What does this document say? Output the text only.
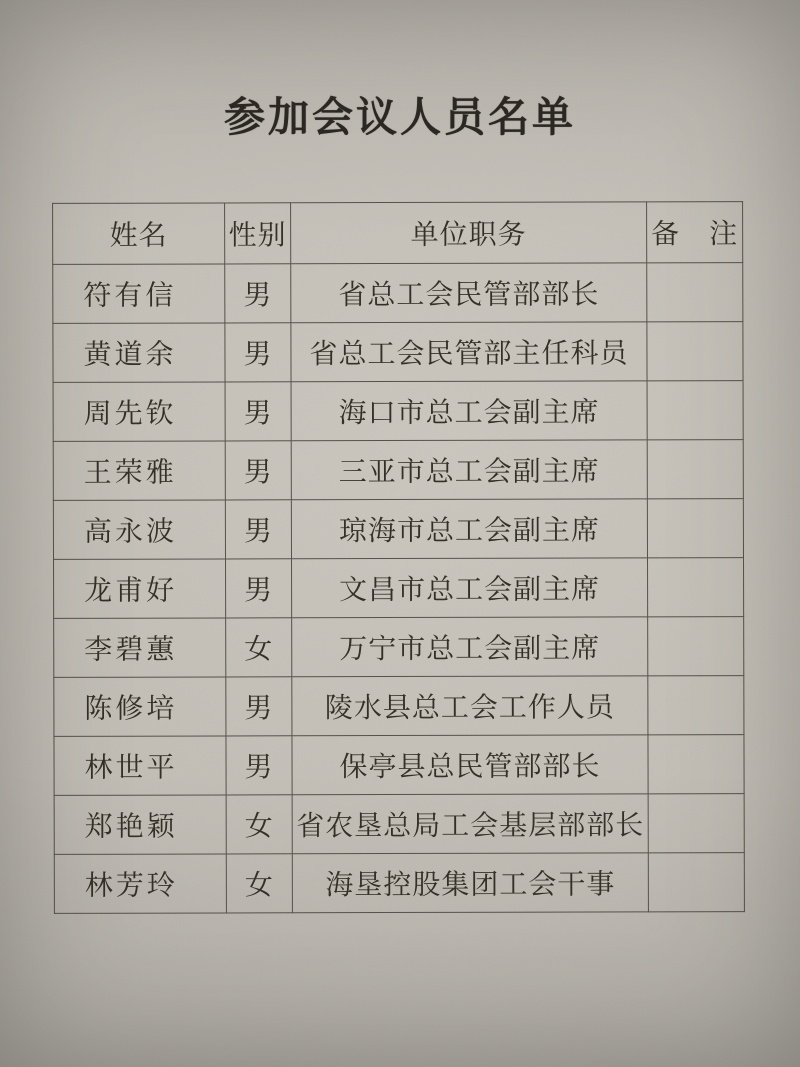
参加会议人员名单
姓名	性别	单位职务	备　注
符有信	男	省总工会民管部部长	
黄道余	男	省总工会民管部主任科员	
周先钦	男	海口市总工会副主席	
王荣雅	男	三亚市总工会副主席	
高永波	男	琼海市总工会副主席	
龙甫好	男	文昌市总工会副主席	
李碧蕙	女	万宁市总工会副主席	
陈修培	男	陵水县总工会工作人员	
林世平	男	保亭县总民管部部长	
郑艳颖	女	省农垦总局工会基层部部长	
林芳玲	女	海垦控股集团工会干事	
